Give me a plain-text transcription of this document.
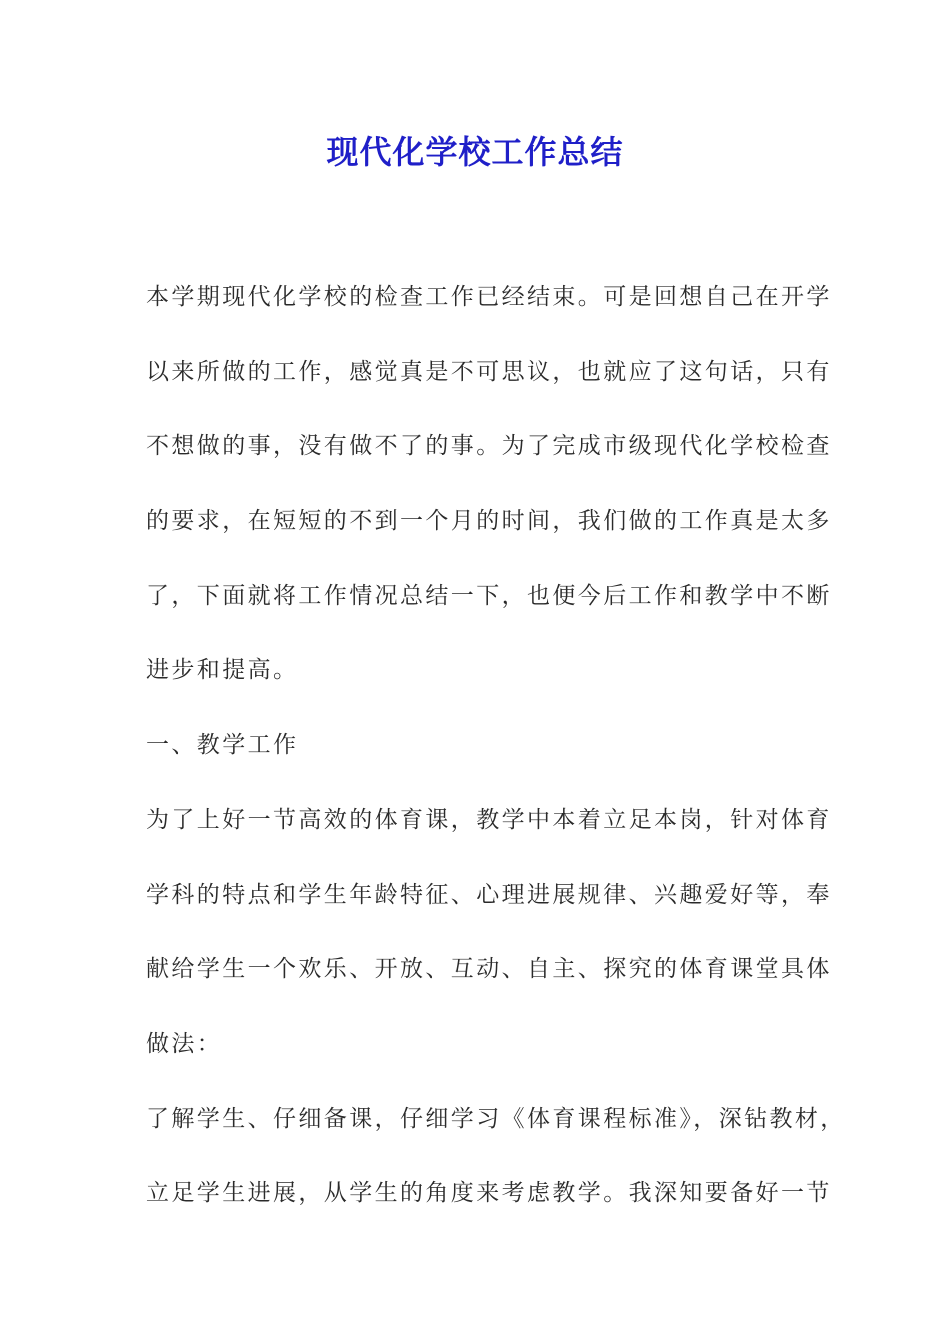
现代化学校工作总结
本学期现代化学校的检查工作已经结束。可是回想自己在开学
以来所做的工作，感觉真是不可思议，也就应了这句话，只有
不想做的事，没有做不了的事。为了完成市级现代化学校检查
的要求，在短短的不到一个月的时间，我们做的工作真是太多
了，下面就将工作情况总结一下，也便今后工作和教学中不断
进步和提高。
一、教学工作
为了上好一节高效的体育课，教学中本着立足本岗，针对体育
学科的特点和学生年龄特征、心理进展规律、兴趣爱好等，奉
献给学生一个欢乐、开放、互动、自主、探究的体育课堂具体
做法：
了解学生、仔细备课，仔细学习《体育课程标准》，深钻教材，
立足学生进展，从学生的角度来考虑教学。我深知要备好一节
